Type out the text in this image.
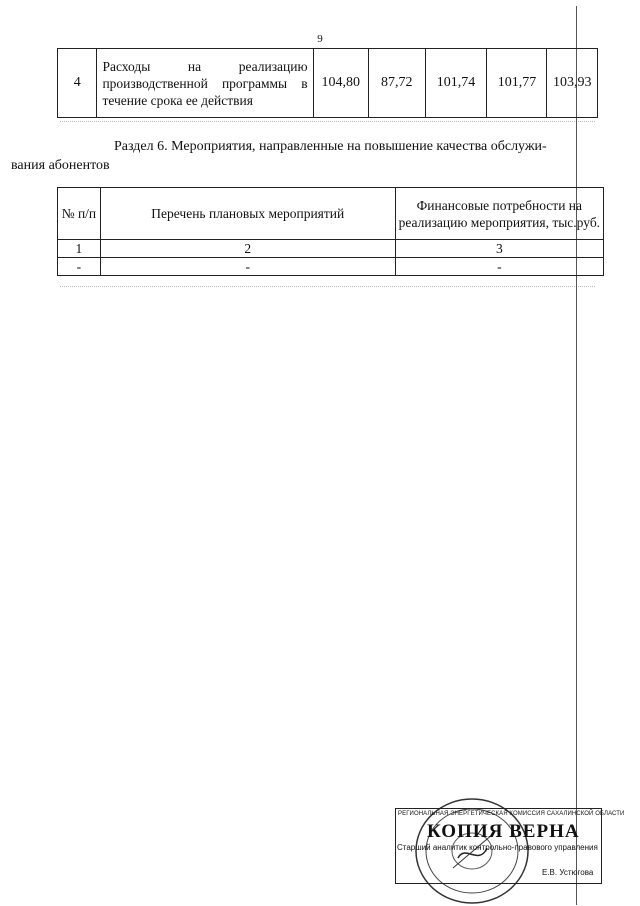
9
4	Расходы на реализацию производственной программы в течение срока ее действия	104,80	87,72	101,74	101,77	103,93
Раздел 6. Мероприятия, направленные на повышение качества обслужи-
вания абонентов
№ п/п	Перечень плановых мероприятий	Финансовые потребности на реализацию мероприятия, тыс.руб.
1	2	3
-	-	-
РЕГИОНАЛЬНАЯ ЭНЕРГЕТИЧЕСКАЯ КОМИССИЯ САХАЛИНСКОЙ ОБЛАСТИ
КОПИЯ ВЕРНА
Старший аналитик контрольно-правового управления
Е.В. Устюгова
